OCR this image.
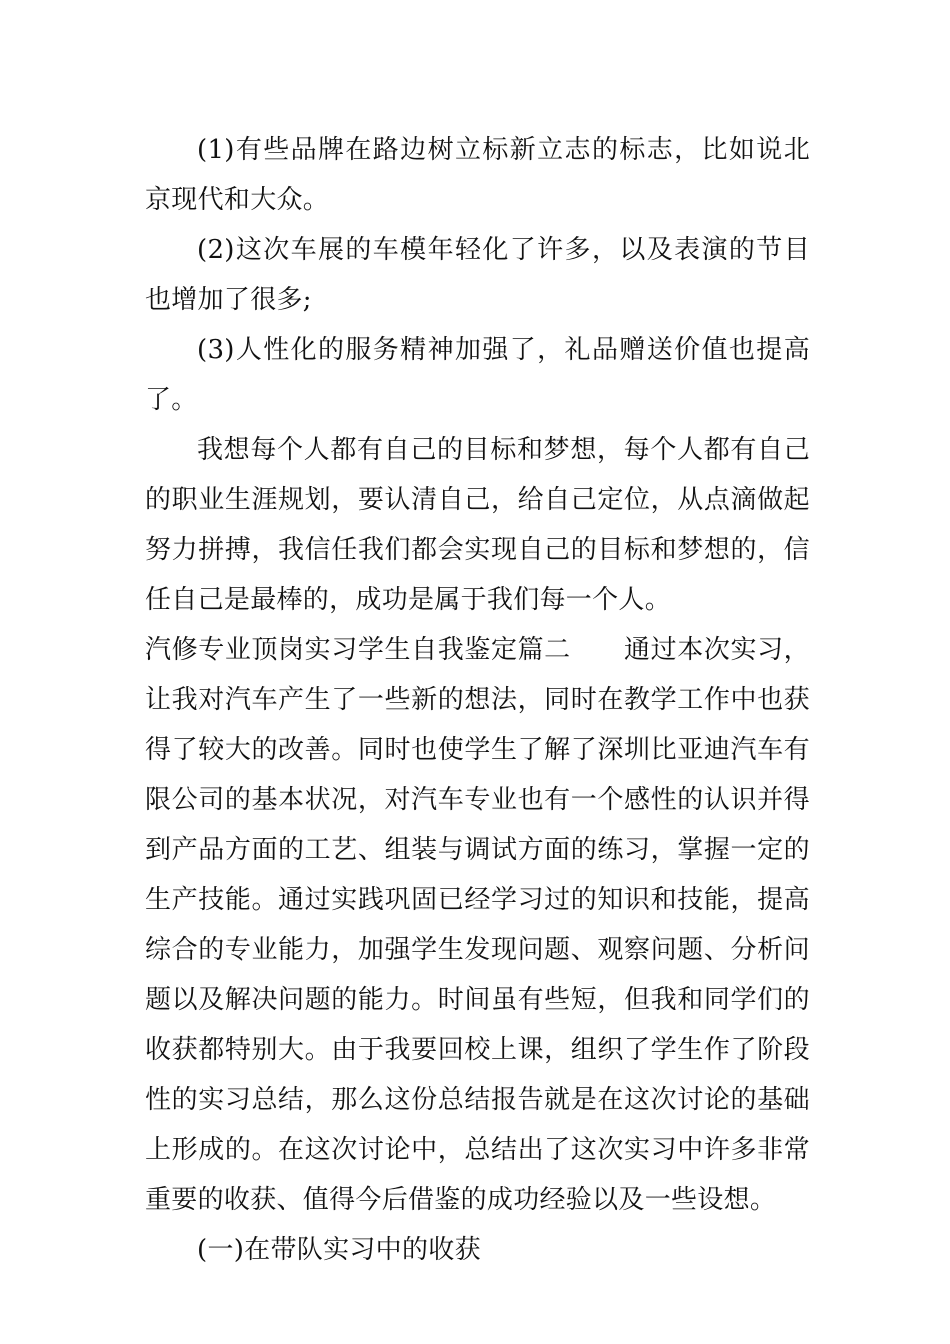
(1)有些品牌在路边树立标新立志的标志，比如说北京现代和大众。

(2)这次车展的车模年轻化了许多，以及表演的节目也增加了很多;

(3)人性化的服务精神加强了，礼品赠送价值也提高了。

我想每个人都有自己的目标和梦想，每个人都有自己的职业生涯规划，要认清自己，给自己定位，从点滴做起努力拼搏，我信任我们都会实现自己的目标和梦想的，信任自己是最棒的，成功是属于我们每一个人。

汽修专业顶岗实习学生自我鉴定篇二　　通过本次实习，让我对汽车产生了一些新的想法，同时在教学工作中也获得了较大的改善。同时也使学生了解了深圳比亚迪汽车有限公司的基本状况，对汽车专业也有一个感性的认识并得到产品方面的工艺、组装与调试方面的练习，掌握一定的生产技能。通过实践巩固已经学习过的知识和技能，提高综合的专业能力，加强学生发现问题、观察问题、分析问题以及解决问题的能力。时间虽有些短，但我和同学们的收获都特别大。由于我要回校上课，组织了学生作了阶段性的实习总结，那么这份总结报告就是在这次讨论的基础上形成的。在这次讨论中，总结出了这次实习中许多非常重要的收获、值得今后借鉴的成功经验以及一些设想。

(一)在带队实习中的收获
